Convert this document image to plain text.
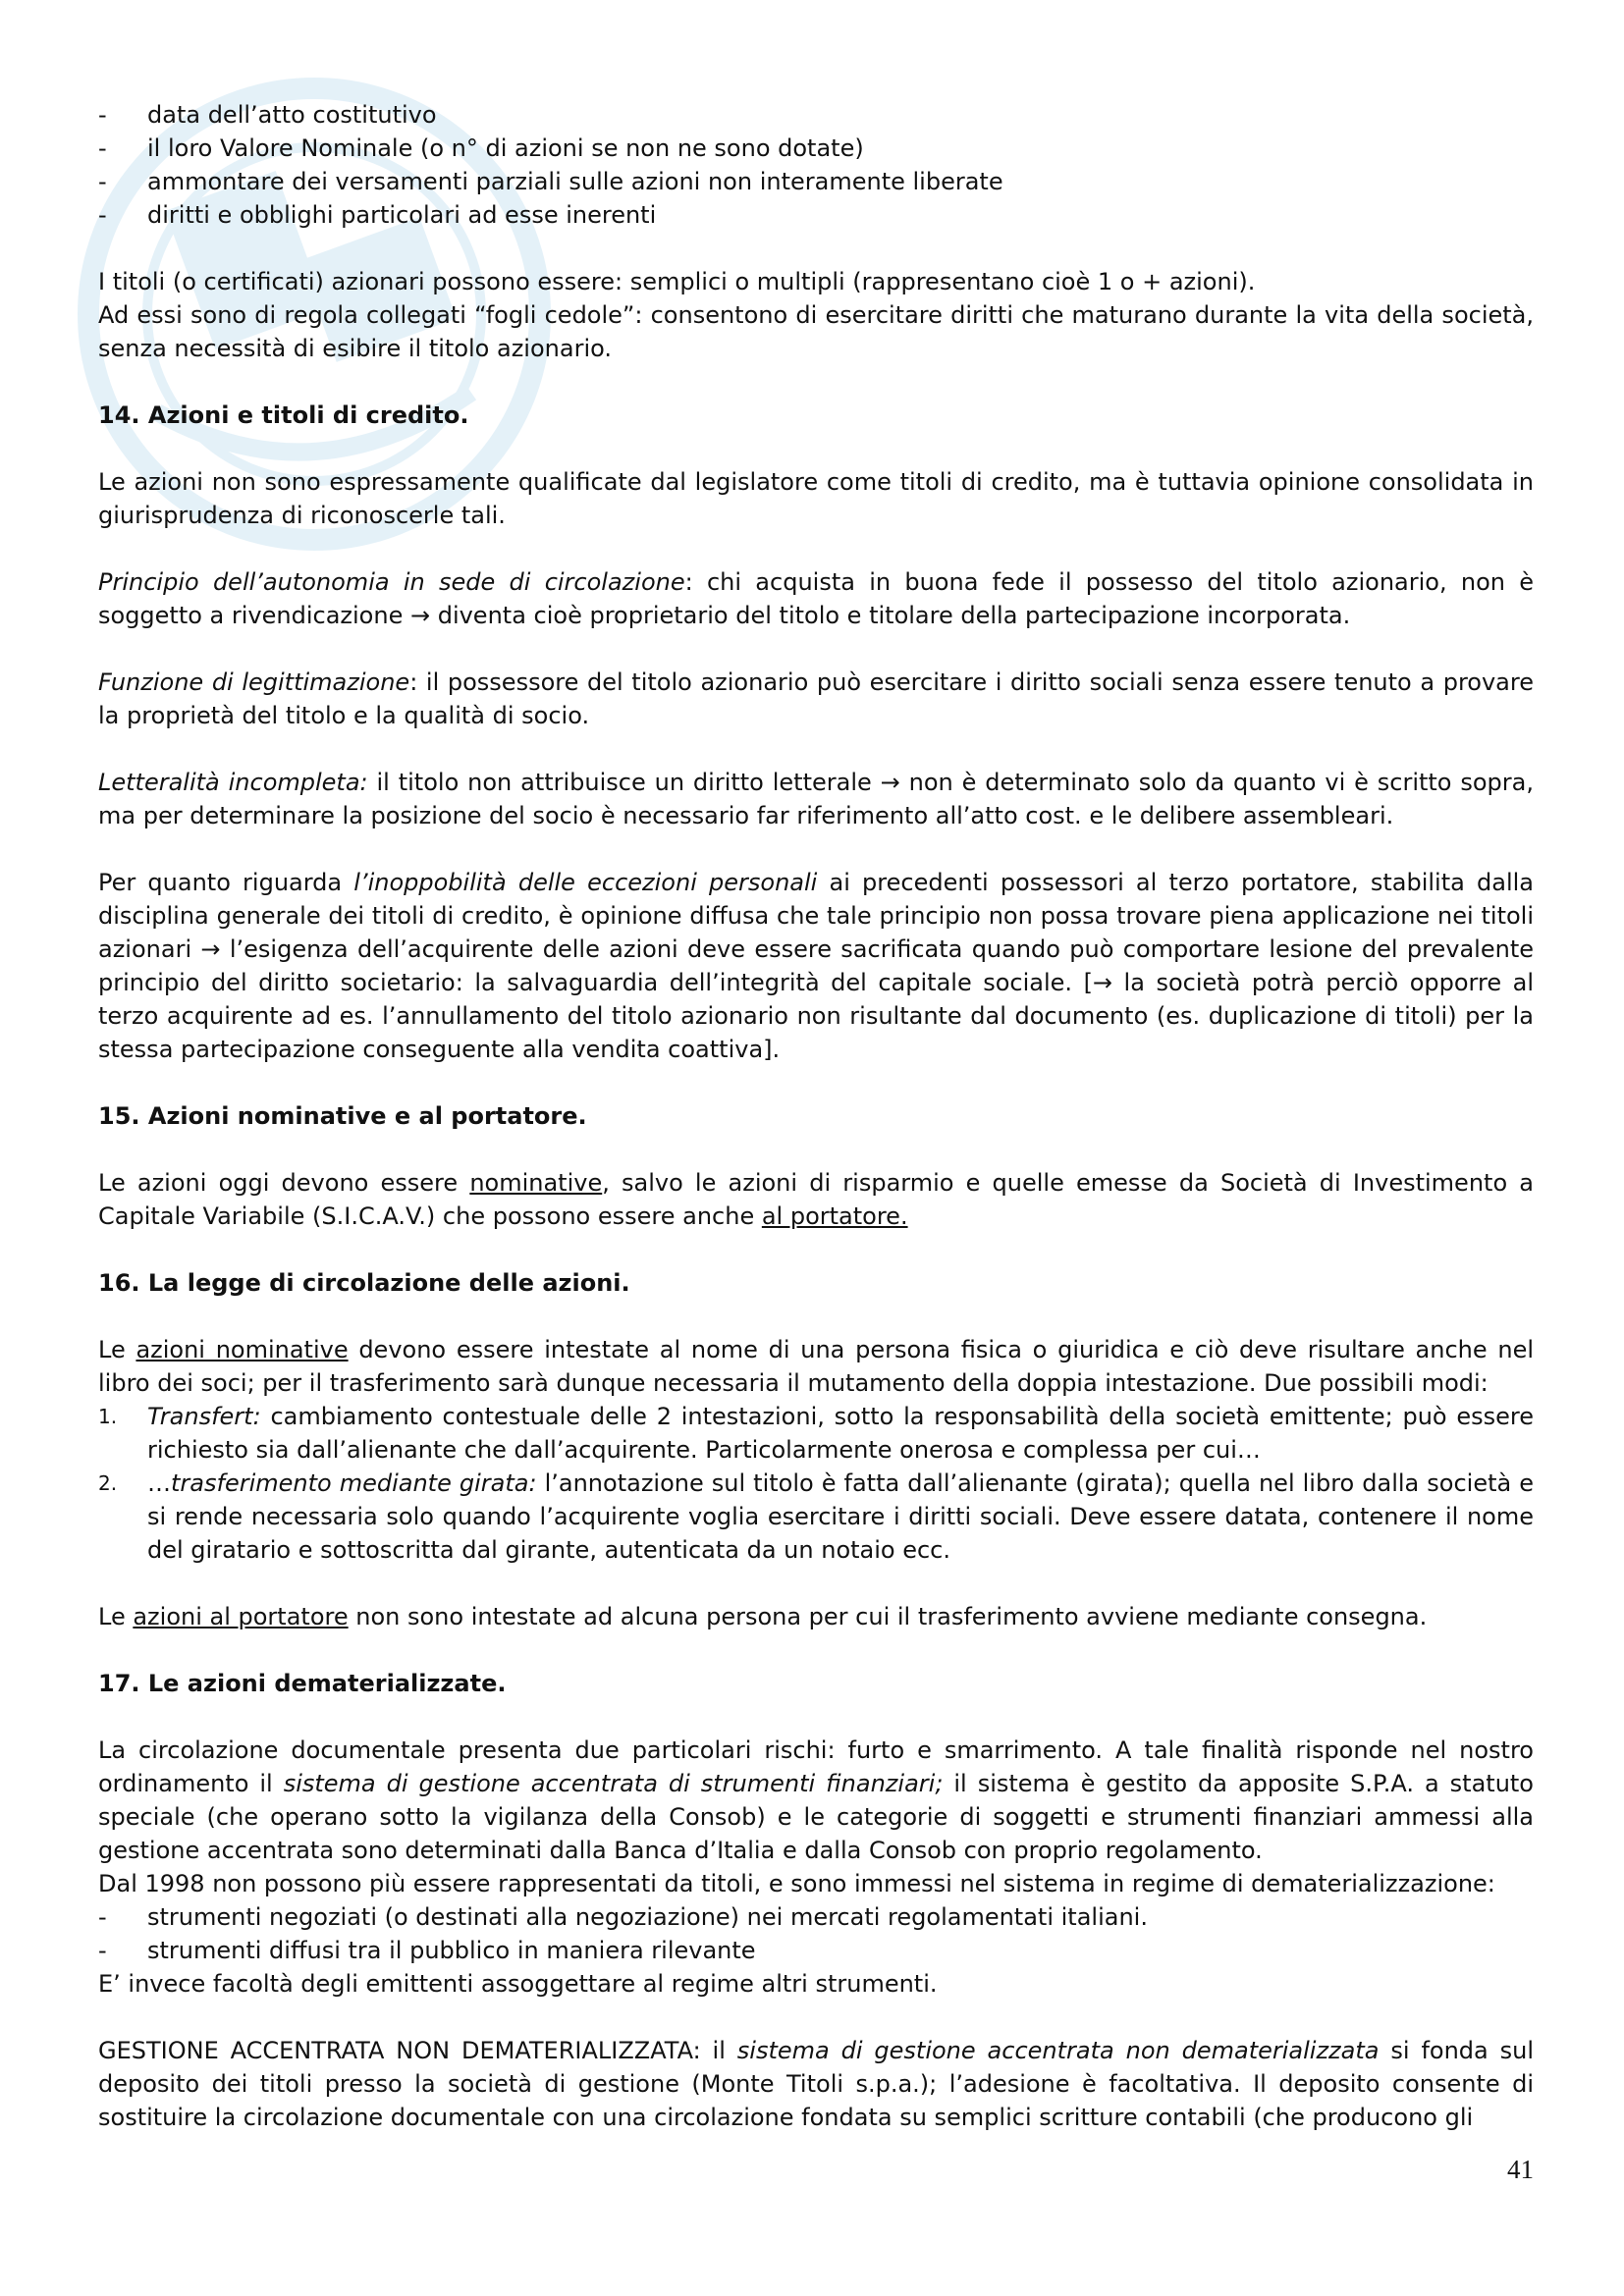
-	data dell’atto costitutivo
-	il loro Valore Nominale (o n° di azioni se non ne sono dotate)
-	ammontare dei versamenti parziali sulle azioni non interamente liberate
-	diritti e obblighi particolari ad esse inerenti

I titoli (o certificati) azionari possono essere: semplici o multipli (rappresentano cioè 1 o + azioni).

Ad essi sono di regola collegati “fogli cedole”: consentono di esercitare diritti che maturano durante la vita della società, senza necessità di esibire il titolo azionario.

14. Azioni e titoli di credito.

Le azioni non sono espressamente qualificate dal legislatore come titoli di credito, ma è tuttavia opinione consolidata in giurisprudenza di riconoscerle tali.

Principio dell’autonomia in sede di circolazione: chi acquista in buona fede il possesso del titolo azionario, non è soggetto a rivendicazione → diventa cioè proprietario del titolo e titolare della partecipazione incorporata.

Funzione di legittimazione: il possessore del titolo azionario può esercitare i diritto sociali senza essere tenuto a provare la proprietà del titolo e la qualità di socio.

Letteralità incompleta: il titolo non attribuisce un diritto letterale → non è determinato solo da quanto vi è scritto sopra, ma per determinare la posizione del socio è necessario far riferimento all’atto cost. e le delibere assembleari.

Per quanto riguarda l’inoppobilità delle eccezioni personali ai precedenti possessori al terzo portatore, stabilita dalla disciplina generale dei titoli di credito, è opinione diffusa che tale principio non possa trovare piena applicazione nei titoli azionari → l’esigenza dell’acquirente delle azioni deve essere sacrificata quando può comportare lesione del prevalente principio del diritto societario: la salvaguardia dell’integrità del capitale sociale. [→ la società potrà perciò opporre al terzo acquirente ad es. l’annullamento del titolo azionario non risultante dal documento (es. duplicazione di titoli) per la stessa partecipazione conseguente alla vendita coattiva].

15. Azioni nominative e al portatore.

Le azioni oggi devono essere nominative, salvo le azioni di risparmio e quelle emesse da Società di Investimento a Capitale Variabile (S.I.C.A.V.) che possono essere anche al portatore.

16. La legge di circolazione delle azioni.

Le azioni nominative devono essere intestate al nome di una persona fisica o giuridica e ciò deve risultare anche nel libro dei soci; per il trasferimento sarà dunque necessaria il mutamento della doppia intestazione. Due possibili modi:

1.	Transfert: cambiamento contestuale delle 2 intestazioni, sotto la responsabilità della società emittente; può essere richiesto sia dall’alienante che dall’acquirente. Particolarmente onerosa e complessa per cui…
2.	…trasferimento mediante girata: l’annotazione sul titolo è fatta dall’alienante (girata); quella nel libro dalla società e si rende necessaria solo quando l’acquirente voglia esercitare i diritti sociali. Deve essere datata, contenere il nome del giratario e sottoscritta dal girante, autenticata da un notaio ecc.

Le azioni al portatore non sono intestate ad alcuna persona per cui il trasferimento avviene mediante consegna.

17. Le azioni dematerializzate.

La circolazione documentale presenta due particolari rischi: furto e smarrimento. A tale finalità risponde nel nostro ordinamento il sistema di gestione accentrata di strumenti finanziari; il sistema è gestito da apposite S.P.A. a statuto speciale (che operano sotto la vigilanza della Consob) e le categorie di soggetti e strumenti finanziari ammessi alla gestione accentrata sono determinati dalla Banca d’Italia e dalla Consob con proprio regolamento.

Dal 1998 non possono più essere rappresentati da titoli, e sono immessi nel sistema in regime di dematerializzazione:

-	strumenti negoziati (o destinati alla negoziazione) nei mercati regolamentati italiani.
-	strumenti diffusi tra il pubblico in maniera rilevante

E’ invece facoltà degli emittenti assoggettare al regime altri strumenti.

GESTIONE ACCENTRATA NON DEMATERIALIZZATA: il sistema di gestione accentrata non dematerializzata si fonda sul deposito dei titoli presso la società di gestione (Monte Titoli s.p.a.); l’adesione è facoltativa. Il deposito consente di sostituire la circolazione documentale con una circolazione fondata su semplici scritture contabili (che producono gli

41
